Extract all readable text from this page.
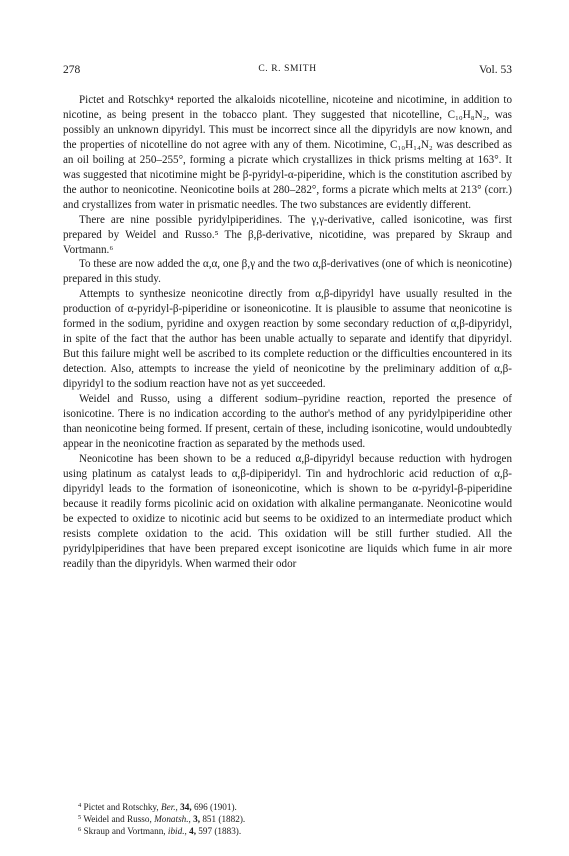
278	C. R. SMITH	Vol. 53

Pictet and Rotschky⁴ reported the alkaloids nicotelline, nicoteine and nicotimine, in addition to nicotine, as being present in the tobacco plant. They suggested that nicotelline, C₁₀H₈N₂, was possibly an unknown dipyridyl. This must be incorrect since all the dipyridyls are now known, and the properties of nicotelline do not agree with any of them. Nicotimine, C₁₀H₁₄N₂ was described as an oil boiling at 250–255°, forming a picrate which crystallizes in thick prisms melting at 163°. It was suggested that nicotimine might be β-pyridyl-α-piperidine, which is the constitution ascribed by the author to neonicotine. Neonicotine boils at 280–282°, forms a picrate which melts at 213° (corr.) and crystallizes from water in prismatic needles. The two substances are evidently different.

There are nine possible pyridylpiperidines. The γ,γ-derivative, called isonicotine, was first prepared by Weidel and Russo.⁵ The β,β-derivative, nicotidine, was prepared by Skraup and Vortmann.⁶

To these are now added the α,α, one β,γ and the two α,β-derivatives (one of which is neonicotine) prepared in this study.

Attempts to synthesize neonicotine directly from α,β-dipyridyl have usually resulted in the production of α-pyridyl-β-piperidine or isoneonicotine. It is plausible to assume that neonicotine is formed in the sodium, pyridine and oxygen reaction by some secondary reduction of α,β-dipyridyl, in spite of the fact that the author has been unable actually to separate and identify that dipyridyl. But this failure might well be ascribed to its complete reduction or the difficulties encountered in its detection. Also, attempts to increase the yield of neonicotine by the preliminary addition of α,β-dipyridyl to the sodium reaction have not as yet succeeded.

Weidel and Russo, using a different sodium–pyridine reaction, reported the presence of isonicotine. There is no indication according to the author's method of any pyridylpiperidine other than neonicotine being formed. If present, certain of these, including isonicotine, would undoubtedly appear in the neonicotine fraction as separated by the methods used.

Neonicotine has been shown to be a reduced α,β-dipyridyl because reduction with hydrogen using platinum as catalyst leads to α,β-dipiperidyl. Tin and hydrochloric acid reduction of α,β-dipyridyl leads to the formation of isoneonicotine, which is shown to be α-pyridyl-β-piperidine because it readily forms picolinic acid on oxidation with alkaline permanganate. Neonicotine would be expected to oxidize to nicotinic acid but seems to be oxidized to an intermediate product which resists complete oxidation to the acid. This oxidation will be still further studied. All the pyridylpiperidines that have been prepared except isonicotine are liquids which fume in air more readily than the dipyridyls. When warmed their odor

$^4$ Pictet and Rotschky, Ber., 34, 696 (1901).
$^5$ Weidel and Russo, Monatsh., 3, 851 (1882).
$^6$ Skraup and Vortmann, ibid., 4, 597 (1883).
